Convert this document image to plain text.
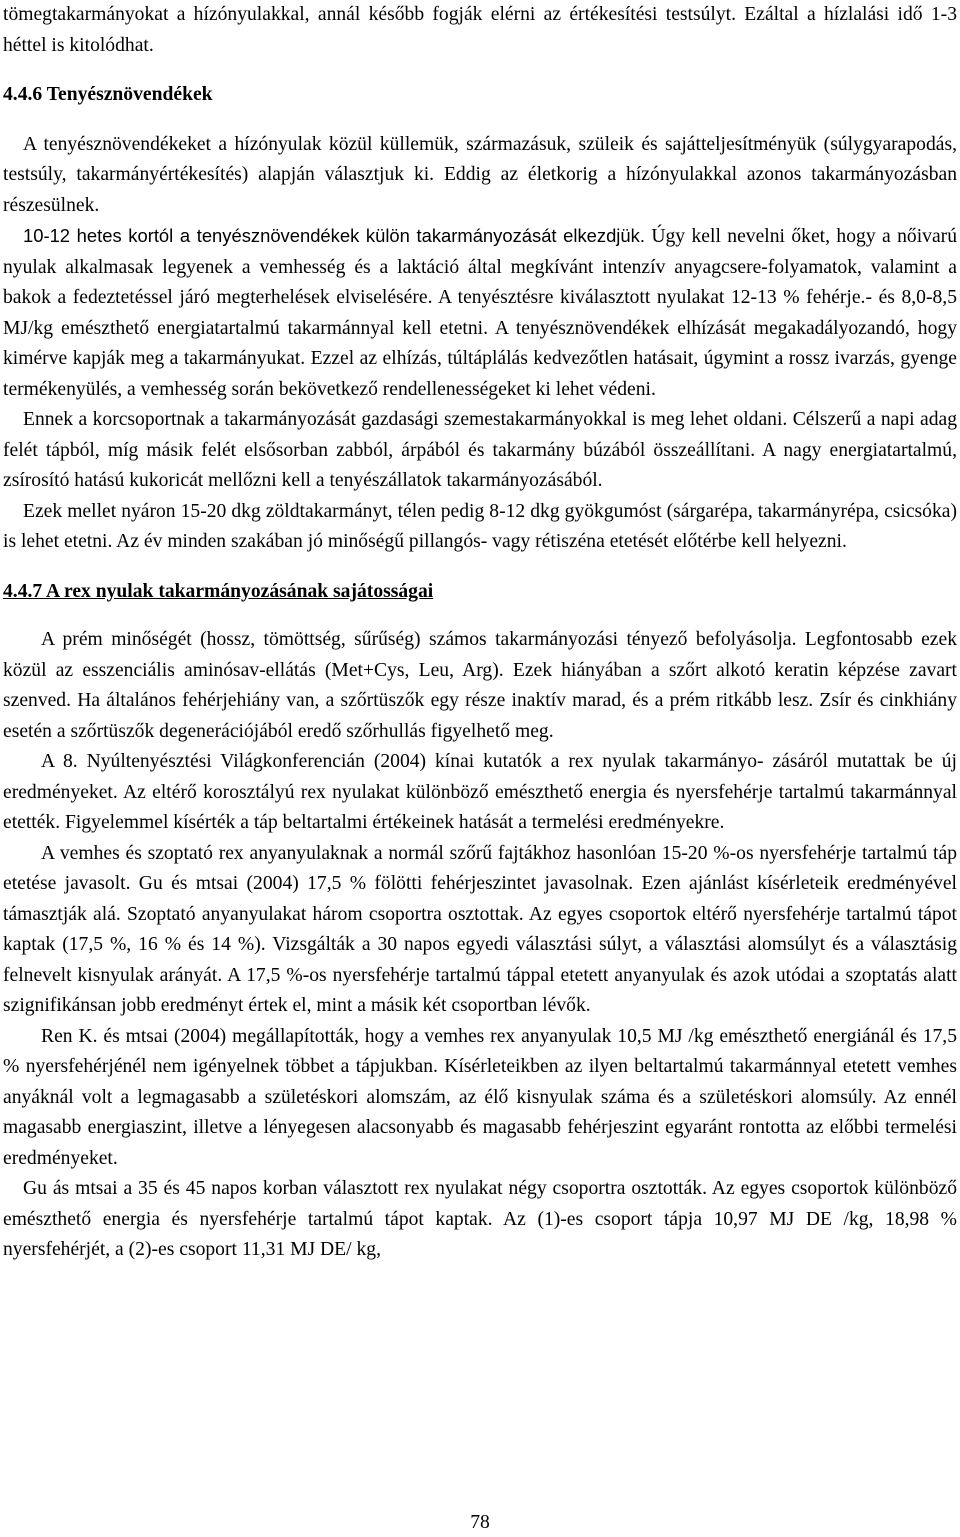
tömegtakarmányokat a hízónyulakkal, annál később fogják elérni az értékesítési testsúlyt. Ezáltal a hízlalási idő 1-3 héttel is kitolódhat.

4.4.6 Tenyésznövendékek

A tenyésznövendékeket a hízónyulak közül küllemük, származásuk, szüleik és sajátteljesítményük (súlygyarapodás, testsúly, takarmányértékesítés) alapján választjuk ki. Eddig az életkorig a hízónyulakkal azonos takarmányozásban részesülnek.

10-12 hetes kortól a tenyésznövendékek külön takarmányozását elkezdjük. Úgy kell nevelni őket, hogy a nőivarú nyulak alkalmasak legyenek a vemhesség és a laktáció által megkívánt intenzív anyagcsere-folyamatok, valamint a bakok a fedeztetéssel járó megterhelések elviselésére. A tenyésztésre kiválasztott nyulakat 12-13 % fehérje.- és 8,0-8,5 MJ/kg emészthető energiatartalmú takarmánnyal kell etetni. A tenyésznövendékek elhízását megakadályozandó, hogy kimérve kapják meg a takarmányukat. Ezzel az elhízás, túltáplálás kedvezőtlen hatásait, úgymint a rossz ivarzás, gyenge termékenyülés, a vemhesség során bekövetkező rendellenességeket ki lehet védeni.

Ennek a korcsoportnak a takarmányozását gazdasági szemestakarmányokkal is meg lehet oldani. Célszerű a napi adag felét tápból, míg másik felét elsősorban zabból, árpából és takarmány búzából összeállítani. A nagy energiatartalmú, zsírosító hatású kukoricát mellőzni kell a tenyészállatok takarmányozásából.

Ezek mellet nyáron 15-20 dkg zöldtakarmányt, télen pedig 8-12 dkg gyökgumóst (sárgarépa, takarmányrépa, csicsóka) is lehet etetni. Az év minden szakában jó minőségű pillangós- vagy rétiszéna etetését előtérbe kell helyezni.

4.4.7 A rex nyulak takarmányozásának sajátosságai

A prém minőségét (hossz, tömöttség, sűrűség) számos takarmányozási tényező befolyásolja. Legfontosabb ezek közül az esszenciális aminósav-ellátás (Met+Cys, Leu, Arg). Ezek hiányában a szőrt alkotó keratin képzése zavart szenved. Ha általános fehérjehiány van, a szőrtüszők egy része inaktív marad, és a prém ritkább lesz. Zsír és cinkhiány esetén a szőrtüszők degenerációjából eredő szőrhullás figyelhető meg.

A 8. Nyúltenyésztési Világkonferencián (2004) kínai kutatók a rex nyulak takarmányo- zásáról mutattak be új eredményeket. Az eltérő korosztályú rex nyulakat különböző emészthető energia és nyersfehérje tartalmú takarmánnyal etették. Figyelemmel kísérték a táp beltartalmi értékeinek hatását a termelési eredményekre.

A vemhes és szoptató rex anyanyulaknak a normál szőrű fajtákhoz hasonlóan 15-20 %-os nyersfehérje tartalmú táp etetése javasolt. Gu és mtsai (2004) 17,5 % fölötti fehérjeszintet javasolnak. Ezen ajánlást kísérleteik eredményével támasztják alá. Szoptató anyanyulakat három csoportra osztottak. Az egyes csoportok eltérő nyersfehérje tartalmú tápot kaptak (17,5 %, 16 % és 14 %). Vizsgálták a 30 napos egyedi választási súlyt, a választási alomsúlyt és a választásig felnevelt kisnyulak arányát. A 17,5 %-os nyersfehérje tartalmú táppal etetett anyanyulak és azok utódai a szoptatás alatt szignifikánsan jobb eredményt értek el, mint a másik két csoportban lévők.

Ren K. és mtsai (2004) megállapították, hogy a vemhes rex anyanyulak 10,5 MJ /kg emészthető energiánál és 17,5 % nyersfehérjénél nem igényelnek többet a tápjukban. Kísérleteikben az ilyen beltartalmú takarmánnyal etetett vemhes anyáknál volt a legmagasabb a születéskori alomszám, az élő kisnyulak száma és a születéskori alomsúly. Az ennél magasabb energiaszint, illetve a lényegesen alacsonyabb és magasabb fehérjeszint egyaránt rontotta az előbbi termelési eredményeket.

Gu ás mtsai a 35 és 45 napos korban választott rex nyulakat négy csoportra osztották. Az egyes csoportok különböző emészthető energia és nyersfehérje tartalmú tápot kaptak. Az (1)-es csoport tápja 10,97 MJ DE /kg, 18,98 % nyersfehérjét, a (2)-es csoport 11,31 MJ DE/ kg,

78
